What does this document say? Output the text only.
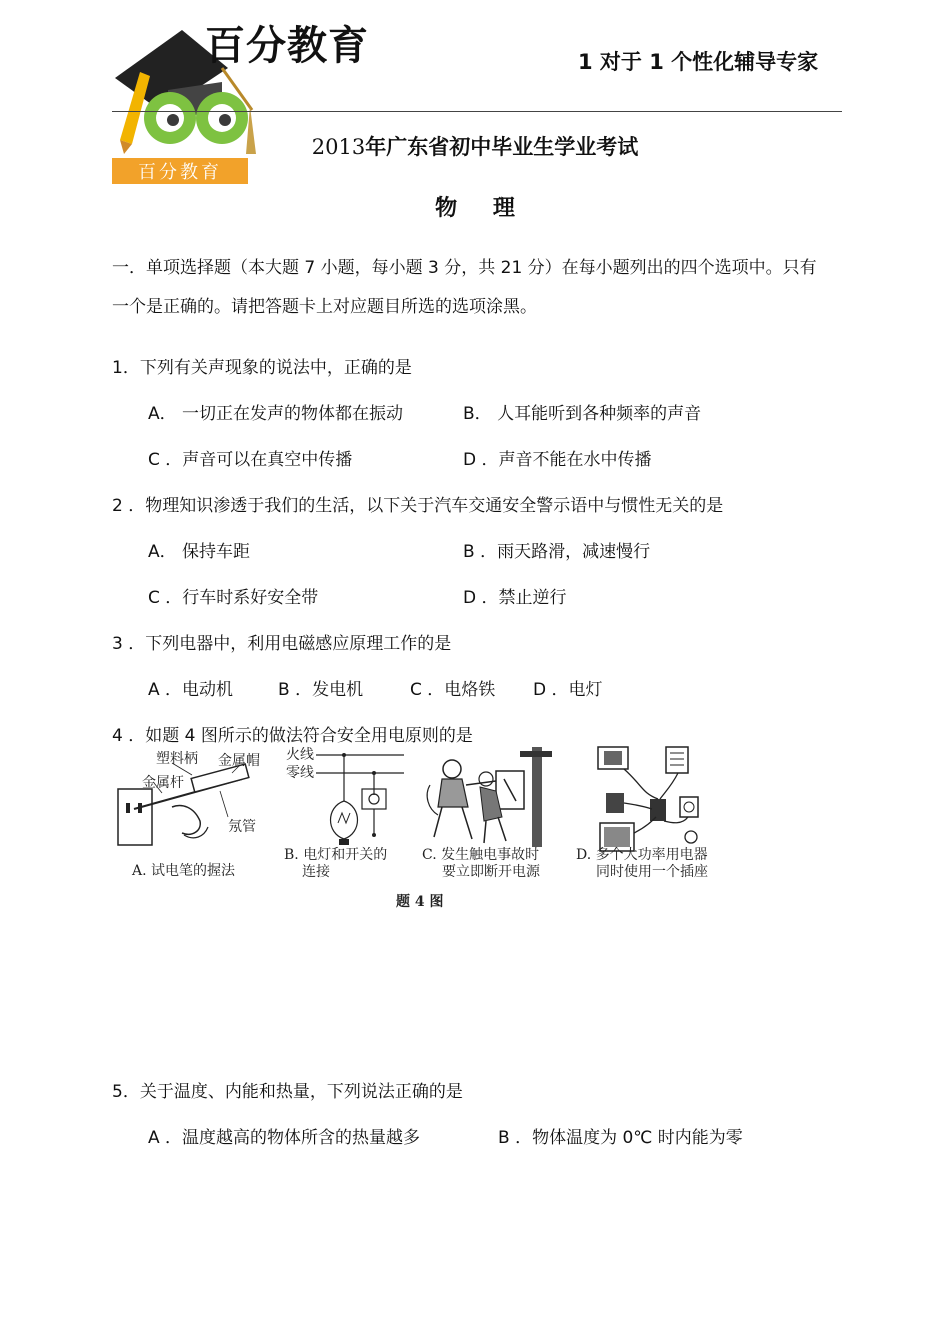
百分教育
百分教育	1 对于 1 个性化辅导专家
2013年广东省初中毕业生学业考试
物 理
一．单项选择题（本大题 7 小题，每小题 3 分，共 21 分）在每小题列出的四个选项中。只有
一个是正确的。请把答题卡上对应题目所选的选项涂黑。
1．下列有关声现象的说法中，正确的是
A． 一切正在发声的物体都在振动	B． 人耳能听到各种频率的声音
C ．声音可以在真空中传播	D ．声音不能在水中传播
2 ．物理知识渗透于我们的生活，以下关于汽车交通安全警示语中与惯性无关的是
A． 保持车距	B ．雨天路滑，减速慢行
C ．行车时系好安全带	D ．禁止逆行
3 ．下列电器中，利用电磁感应原理工作的是
A ．电动机	B ．发电机	C ．电烙铁 D ．电灯
4 ．如题 4 图所示的做法符合安全用电原则的是
塑料柄 金属帽
金属杆
氖管
A. 试电笔的握法
火线
零线
B. 电灯和开关的
连接
C. 发生触电事故时
要立即断开电源
D. 多个大功率用电器
同时使用一个插座
题 4 图
5．关于温度、内能和热量，下列说法正确的是
A ．温度越高的物体所含的热量越多	B ．物体温度为 0℃ 时内能为零
